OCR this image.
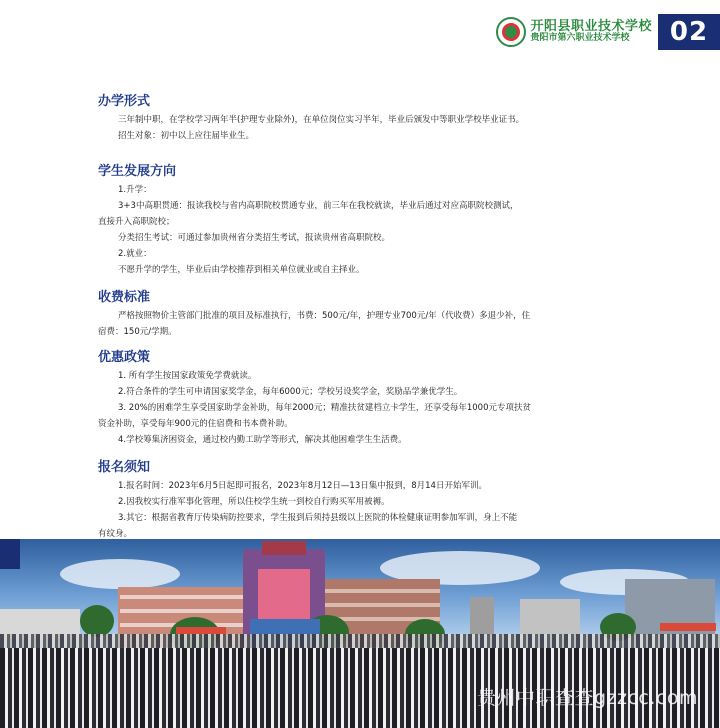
开阳县职业技术学校
贵阳市第六职业技术学校	02
办学形式
三年制中职，在学校学习两年半(护理专业除外)，在单位岗位实习半年，毕业后颁发中等职业学校毕业证书。
招生对象：初中以上应往届毕业生。
学生发展方向
1.升学：
3+3中高职贯通：报读我校与省内高职院校贯通专业，前三年在我校就读，毕业后通过对应高职院校测试，
直接升入高职院校；
分类招生考试：可通过参加贵州省分类招生考试，报读贵州省高职院校。
2.就业：
不愿升学的学生，毕业后由学校推荐到相关单位就业或自主择业。
收费标准
严格按照物价主管部门批准的项目及标准执行，书费：500元/年，护理专业700元/年（代收费）多退少补，住
宿费：150元/学期。
优惠政策
1. 所有学生按国家政策免学费就读。
2.符合条件的学生可申请国家奖学金，每年6000元；学校另设奖学金，奖励品学兼优学生。
3. 20%的困难学生享受国家助学金补助，每年2000元；精准扶贫建档立卡学生，还享受每年1000元专项扶贫
资金补助，享受每年900元的住宿费和书本费补助。
4.学校筹集济困资金，通过校内勤工助学等形式，解决其他困难学生生活费。
报名须知
1.报名时间：2023年6月5日起即可报名，2023年8月12日—13日集中报到，8月14日开始军训。
2.因我校实行准军事化管理，所以住校学生统一到校自行购买军用被褥。
3.其它：根据省教育厅传染病防控要求，学生报到后须持县级以上医院的体检健康证明参加军训，身上不能
有纹身。
贵州中职查查gzzcc.com
